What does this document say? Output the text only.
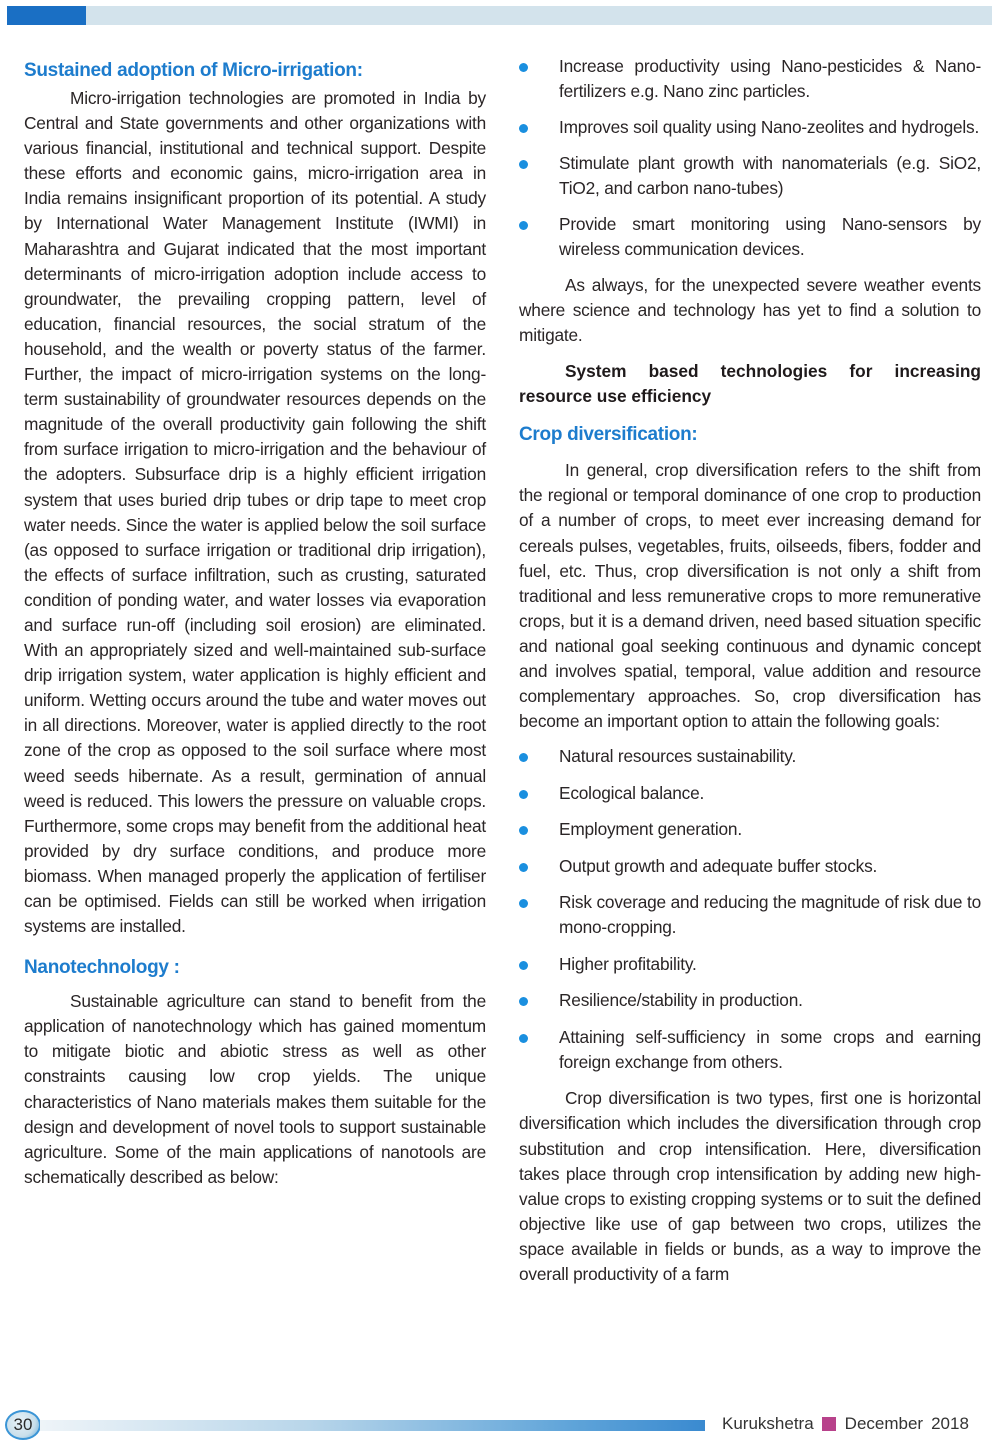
Sustained adoption of Micro-irrigation:

Micro-irrigation technologies are promoted in India by Central and State governments and other organizations with various financial, institutional and technical support. Despite these efforts and economic gains, micro-irrigation area in India remains insignificant proportion of its potential. A study by International Water Management Institute (IWMI) in Maharashtra and Gujarat indicated that the most important determinants of micro-irrigation adoption include access to groundwater, the prevailing cropping pattern, level of education, financial resources, the social stratum of the household, and the wealth or poverty status of the farmer. Further, the impact of micro-irrigation systems on the long-term sustainability of groundwater resources depends on the magnitude of the overall productivity gain following the shift from surface irrigation to micro-irrigation and the behaviour of the adopters. Subsurface drip is a highly efficient irrigation system that uses buried drip tubes or drip tape to meet crop water needs. Since the water is applied below the soil surface (as opposed to surface irrigation or traditional drip irrigation), the effects of surface infiltration, such as crusting, saturated condition of ponding water, and water losses via evaporation and surface run-off (including soil erosion) are eliminated. With an appropriately sized and well-maintained sub-surface drip irrigation system, water application is highly efficient and uniform. Wetting occurs around the tube and water moves out in all directions. Moreover, water is applied directly to the root zone of the crop as opposed to the soil surface where most weed seeds hibernate. As a result, germination of annual weed is reduced. This lowers the pressure on valuable crops. Furthermore, some crops may benefit from the additional heat provided by dry surface conditions, and produce more biomass. When managed properly the application of fertiliser can be optimised. Fields can still be worked when irrigation systems are installed.

Nanotechnology :

Sustainable agriculture can stand to benefit from the application of nanotechnology which has gained momentum to mitigate biotic and abiotic stress as well as other constraints causing low crop yields. The unique characteristics of Nano materials makes them suitable for the design and development of novel tools to support sustainable agriculture. Some of the main applications of nanotools are schematically described as below:

Increase productivity using Nano-pesticides & Nano-fertilizers e.g. Nano zinc particles.
Improves soil quality using Nano-zeolites and hydrogels.
Stimulate plant growth with nanomaterials (e.g. SiO2, TiO2, and carbon nano-tubes)
Provide smart monitoring using Nano-sensors by wireless communication devices.

As always, for the unexpected severe weather events where science and technology has yet to find a solution to mitigate.

System based technologies for increasing resource use efficiency

Crop diversification:

In general, crop diversification refers to the shift from the regional or temporal dominance of one crop to production of a number of crops, to meet ever increasing demand for cereals pulses, vegetables, fruits, oilseeds, fibers, fodder and fuel, etc. Thus, crop diversification is not only a shift from traditional and less remunerative crops to more remunerative crops, but it is a demand driven, need based situation specific and national goal seeking continuous and dynamic concept and involves spatial, temporal, value addition and resource complementary approaches. So, crop diversification has become an important option to attain the following goals:

Natural resources sustainability.
Ecological balance.
Employment generation.
Output growth and adequate buffer stocks.
Risk coverage and reducing the magnitude of risk due to mono-cropping.
Higher profitability.
Resilience/stability in production.
Attaining self-sufficiency in some crops and earning foreign exchange from others.

Crop diversification is two types, first one is horizontal diversification which includes the diversification through crop substitution and crop intensification. Here, diversification takes place through crop intensification by adding new high-value crops to existing cropping systems or to suit the defined objective like use of gap between two crops, utilizes the space available in fields or bunds, as a way to improve the overall productivity of a farm

30	Kurukshetra December 2018
